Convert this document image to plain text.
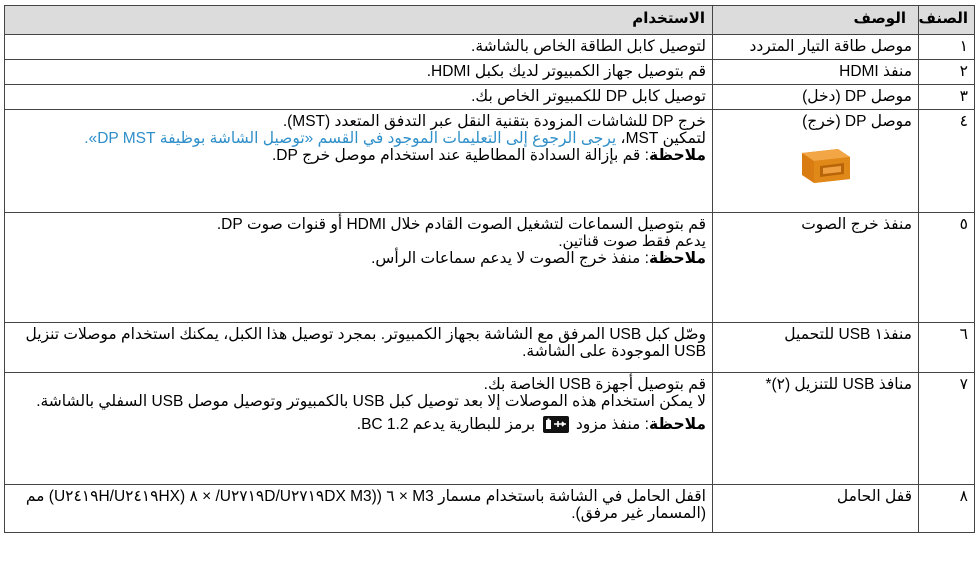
الصنف	الوصف	الاستخدام
١	موصل طاقة التيار المتردد	لتوصيل كابل الطاقة الخاص بالشاشة.
٢	منفذ HDMI	قم بتوصيل جهاز الكمبيوتر لديك بكبل HDMI.
٣	موصل DP (دخل)	توصيل كابل DP للكمبيوتر الخاص بك.
٤	موصل DP (خرج)	خرج DP للشاشات المزودة بتقنية النقل عبر التدفق المتعدد (MST).
لتمكين MST، يرجى الرجوع إلى التعليمات الموجود في القسم «توصيل الشاشة بوظيفة DP MST».
ملاحظة: قم بإزالة السدادة المطاطية عند استخدام موصل خرج DP.

٥	منفذ خرج الصوت	قم بتوصيل السماعات لتشغيل الصوت القادم خلال HDMI أو قنوات صوت DP.
يدعم فقط صوت قناتين.
ملاحظة: منفذ خرج الصوت لا يدعم سماعات الرأس.

٦	منفذ١ USB للتحميل	وصّل كبل USB المرفق مع الشاشة بجهاز الكمبيوتر. بمجرد توصيل هذا الكبل، يمكنك استخدام موصلات تنزيل USB الموجودة على الشاشة.

٧	منافذ USB للتنزيل (٢)*	قم بتوصيل أجهزة USB الخاصة بك.
لا يمكن استخدام هذه الموصلات إلا بعد توصيل كبل USB بالكمبيوتر وتوصيل موصل USB السفلي بالشاشة.
ملاحظة: منفذ مزود  برمز للبطارية يدعم BC 1.2.

٨	قفل الحامل	اقفل الحامل في الشاشة باستخدام مسمار M3 × ٦ ((U٢٧١٩D/U٢٧١٩DX M3/ × ٨ (U٢٤١٩H/U٢٤١٩HX) مم (المسمار غير مرفق).
